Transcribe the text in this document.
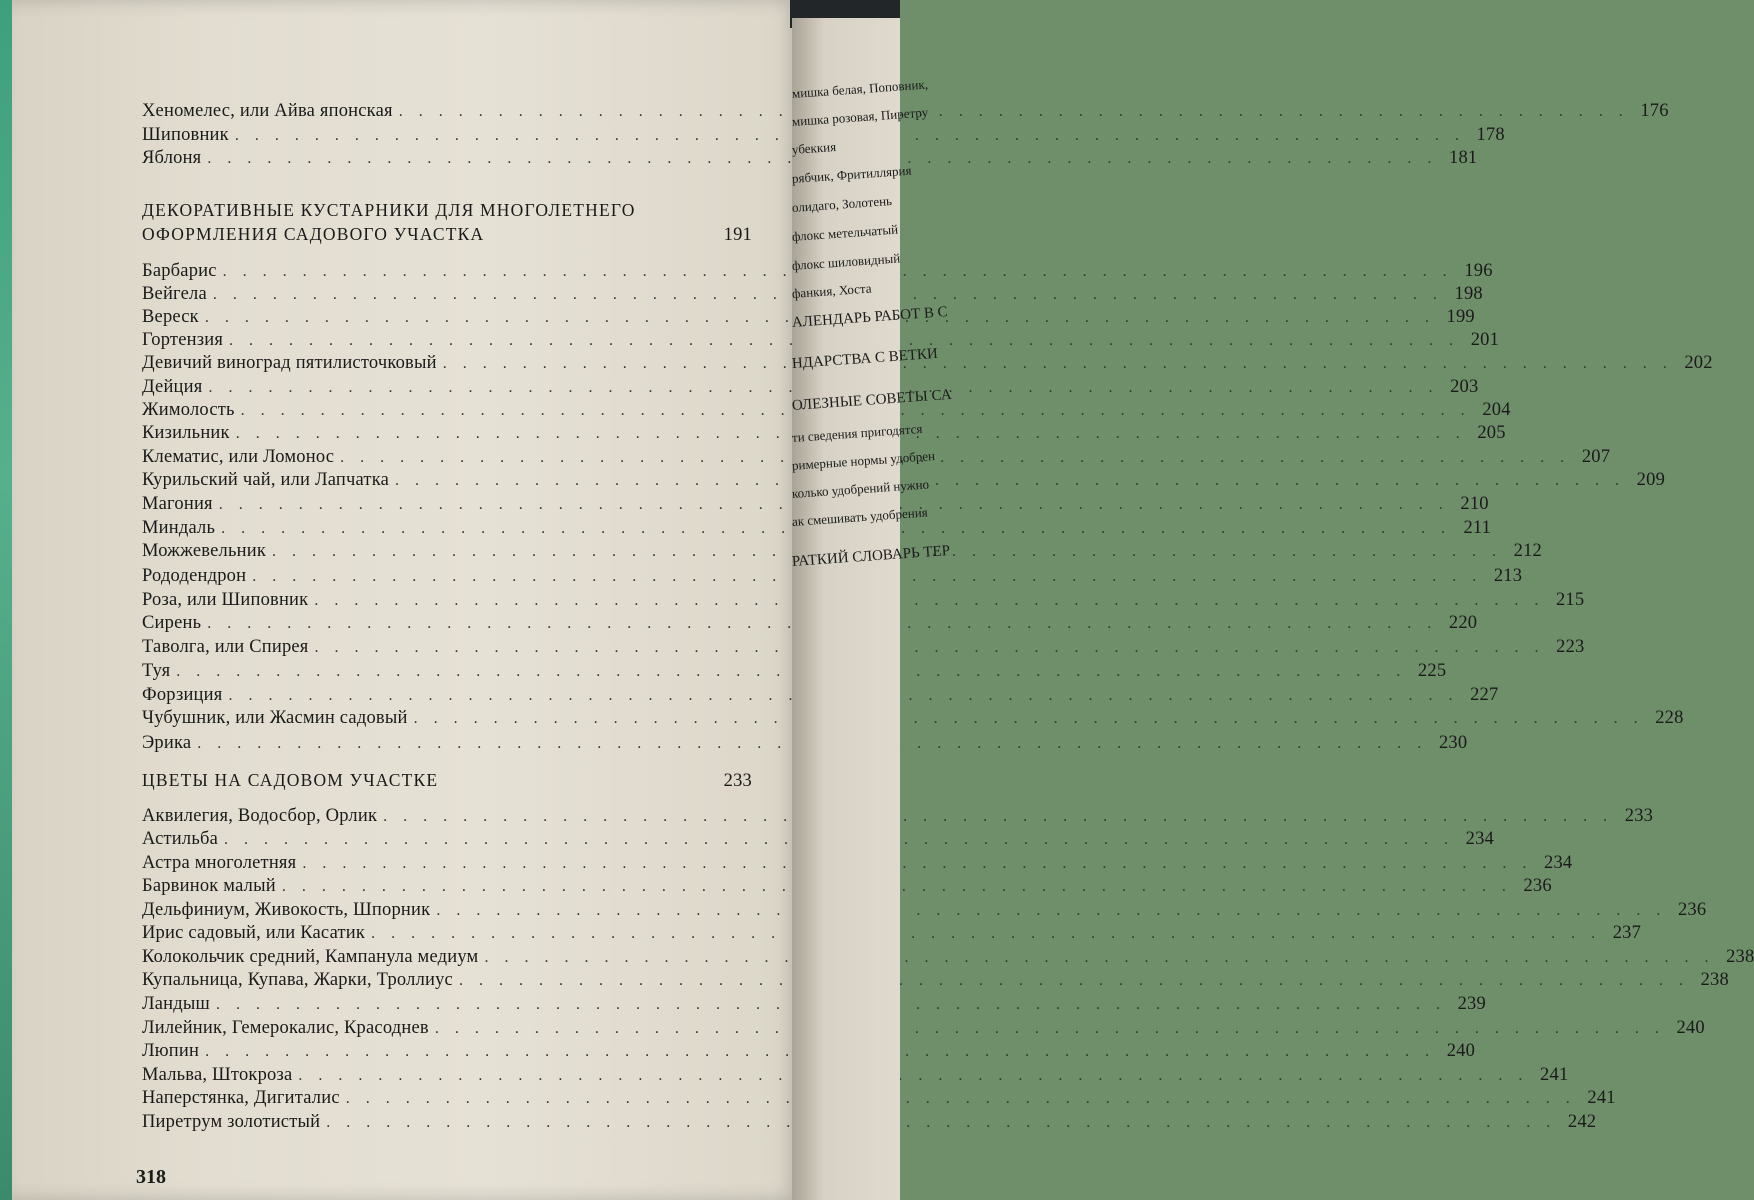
Хеномелес, или Айва японская . . .	176
Шиповник . . .	178
Яблоня . . .	181
ДЕКОРАТИВНЫЕ КУСТАРНИКИ ДЛЯ МНОГОЛЕТНЕГО
ОФОРМЛЕНИЯ САДОВОГО УЧАСТКА	191
Барбарис . . .	196
Вейгела . . .	198
Вереск . . .	199
Гортензия . . .	201
Девичий виноград пятилисточковый . . .	202
Дейция . . .	203
Жимолость . . .	204
Кизильник . . .	205
Клематис, или Ломонос . . .	207
Курильский чай, или Лапчатка . . .	209
Магония . . .	210
Миндаль . . .	211
Можжевельник . . .	212
Рододендрон . . .	213
Роза, или Шиповник . . .	215
Сирень . . .	220
Таволга, или Спирея . . .	223
Туя . . .	225
Форзиция . . .	227
Чубушник, или Жасмин садовый . . .	228
Эрика . . .	230
ЦВЕТЫ НА САДОВОМ УЧАСТКЕ	233
Аквилегия, Водосбор, Орлик . . .	233
Астильба . . .	234
Астра многолетняя . . .	234
Барвинок малый . . .	236
Дельфиниум, Живокость, Шпорник . . .	236
Ирис садовый, или Касатик . . .	237
Колокольчик средний, Кампанула медиум . . .	238
Купальница, Купава, Жарки, Троллиус . . .	238
Ландыш . . .	239
Лилейник, Гемерокалис, Красоднев . . .	240
Люпин . . .	240
Мальва, Штокроза . . .	241
Наперстянка, Дигиталис . . .	241
Пиретрум золотистый . . .	242
318
мишка белая, Поповник,
мишка розовая, Пиретру
убеккия
рябчик, Фритиллярия
олидаго, Золотень
флокс метельчатый
флокс шиловидный
фанкия, Хоста
АЛЕНДАРЬ РАБОТ В С
НДАРСТВА С ВЕТКИ
ОЛЕЗНЫЕ СОВЕТЫ СА
ти сведения пригодятся
римерные нормы удобрен
колько удобрений нужно
ак смешивать удобрения
РАТКИЙ СЛОВАРЬ ТЕР
